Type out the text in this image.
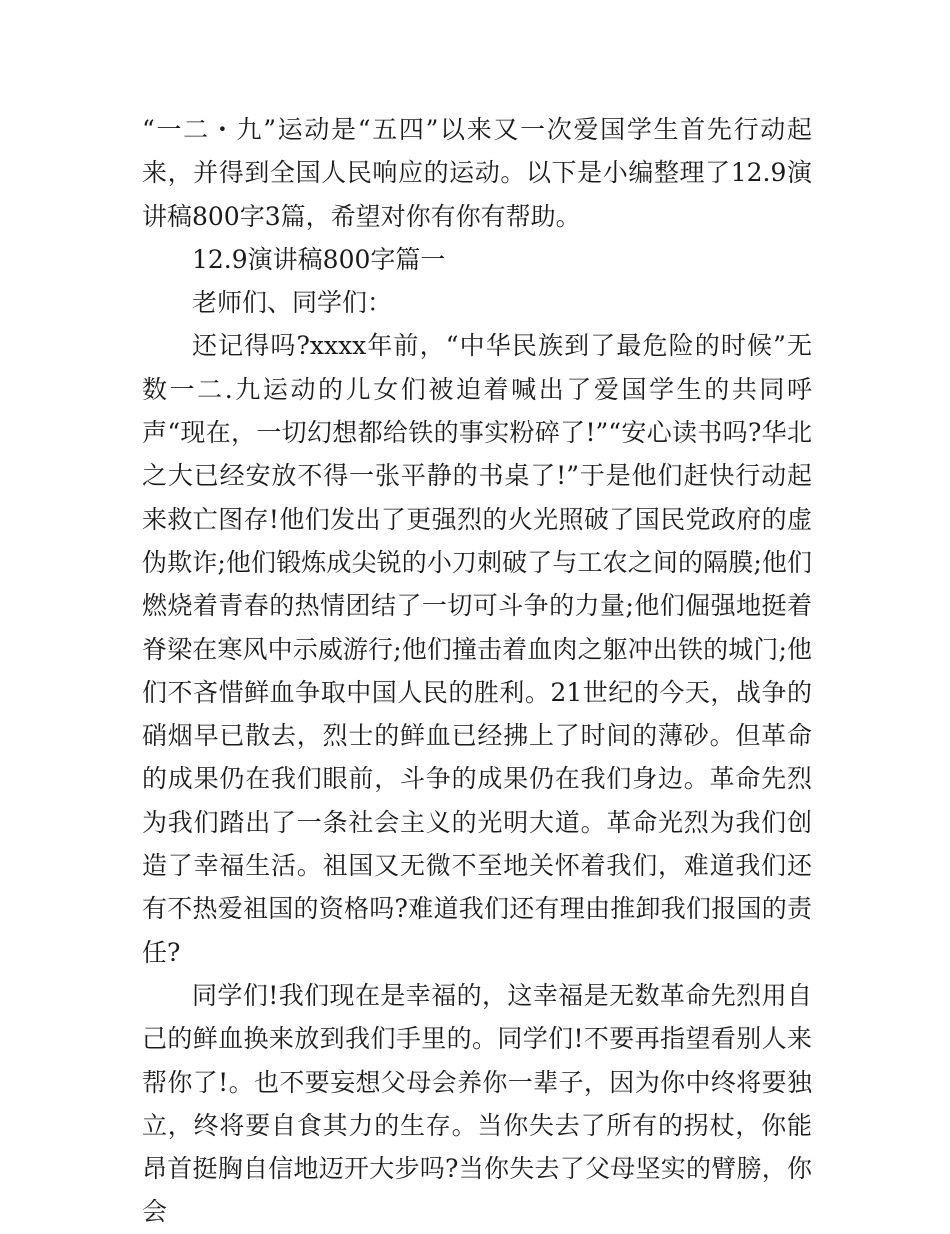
“一二・九”运动是“五四”以来又一次爱国学生首先行动起来，并得到全国人民响应的运动。以下是小编整理了12.9演讲稿800字3篇，希望对你有你有帮助。

12.9演讲稿800字篇一

老师们、同学们：

还记得吗?xxxx年前，“中华民族到了最危险的时候”无数一二.九运动的儿女们被迫着喊出了爱国学生的共同呼声“现在，一切幻想都给铁的事实粉碎了!”“安心读书吗?华北之大已经安放不得一张平静的书桌了!”于是他们赶快行动起来救亡图存!他们发出了更强烈的火光照破了国民党政府的虚伪欺诈;他们锻炼成尖锐的小刀刺破了与工农之间的隔膜;他们燃烧着青春的热情团结了一切可斗争的力量;他们倔强地挺着脊梁在寒风中示威游行;他们撞击着血肉之躯冲出铁的城门;他们不吝惜鲜血争取中国人民的胜利。21世纪的今天，战争的硝烟早已散去，烈士的鲜血已经拂上了时间的薄砂。但革命的成果仍在我们眼前，斗争的成果仍在我们身边。革命先烈为我们踏出了一条社会主义的光明大道。革命光烈为我们创造了幸福生活。祖国又无微不至地关怀着我们，难道我们还有不热爱祖国的资格吗?难道我们还有理由推卸我们报国的责任?

同学们!我们现在是幸福的，这幸福是无数革命先烈用自己的鲜血换来放到我们手里的。同学们!不要再指望看别人来帮你了!。也不要妄想父母会养你一辈子，因为你中终将要独立，终将要自食其力的生存。当你失去了所有的拐杖，你能昂首挺胸自信地迈开大步吗?当你失去了父母坚实的臂膀，你会
